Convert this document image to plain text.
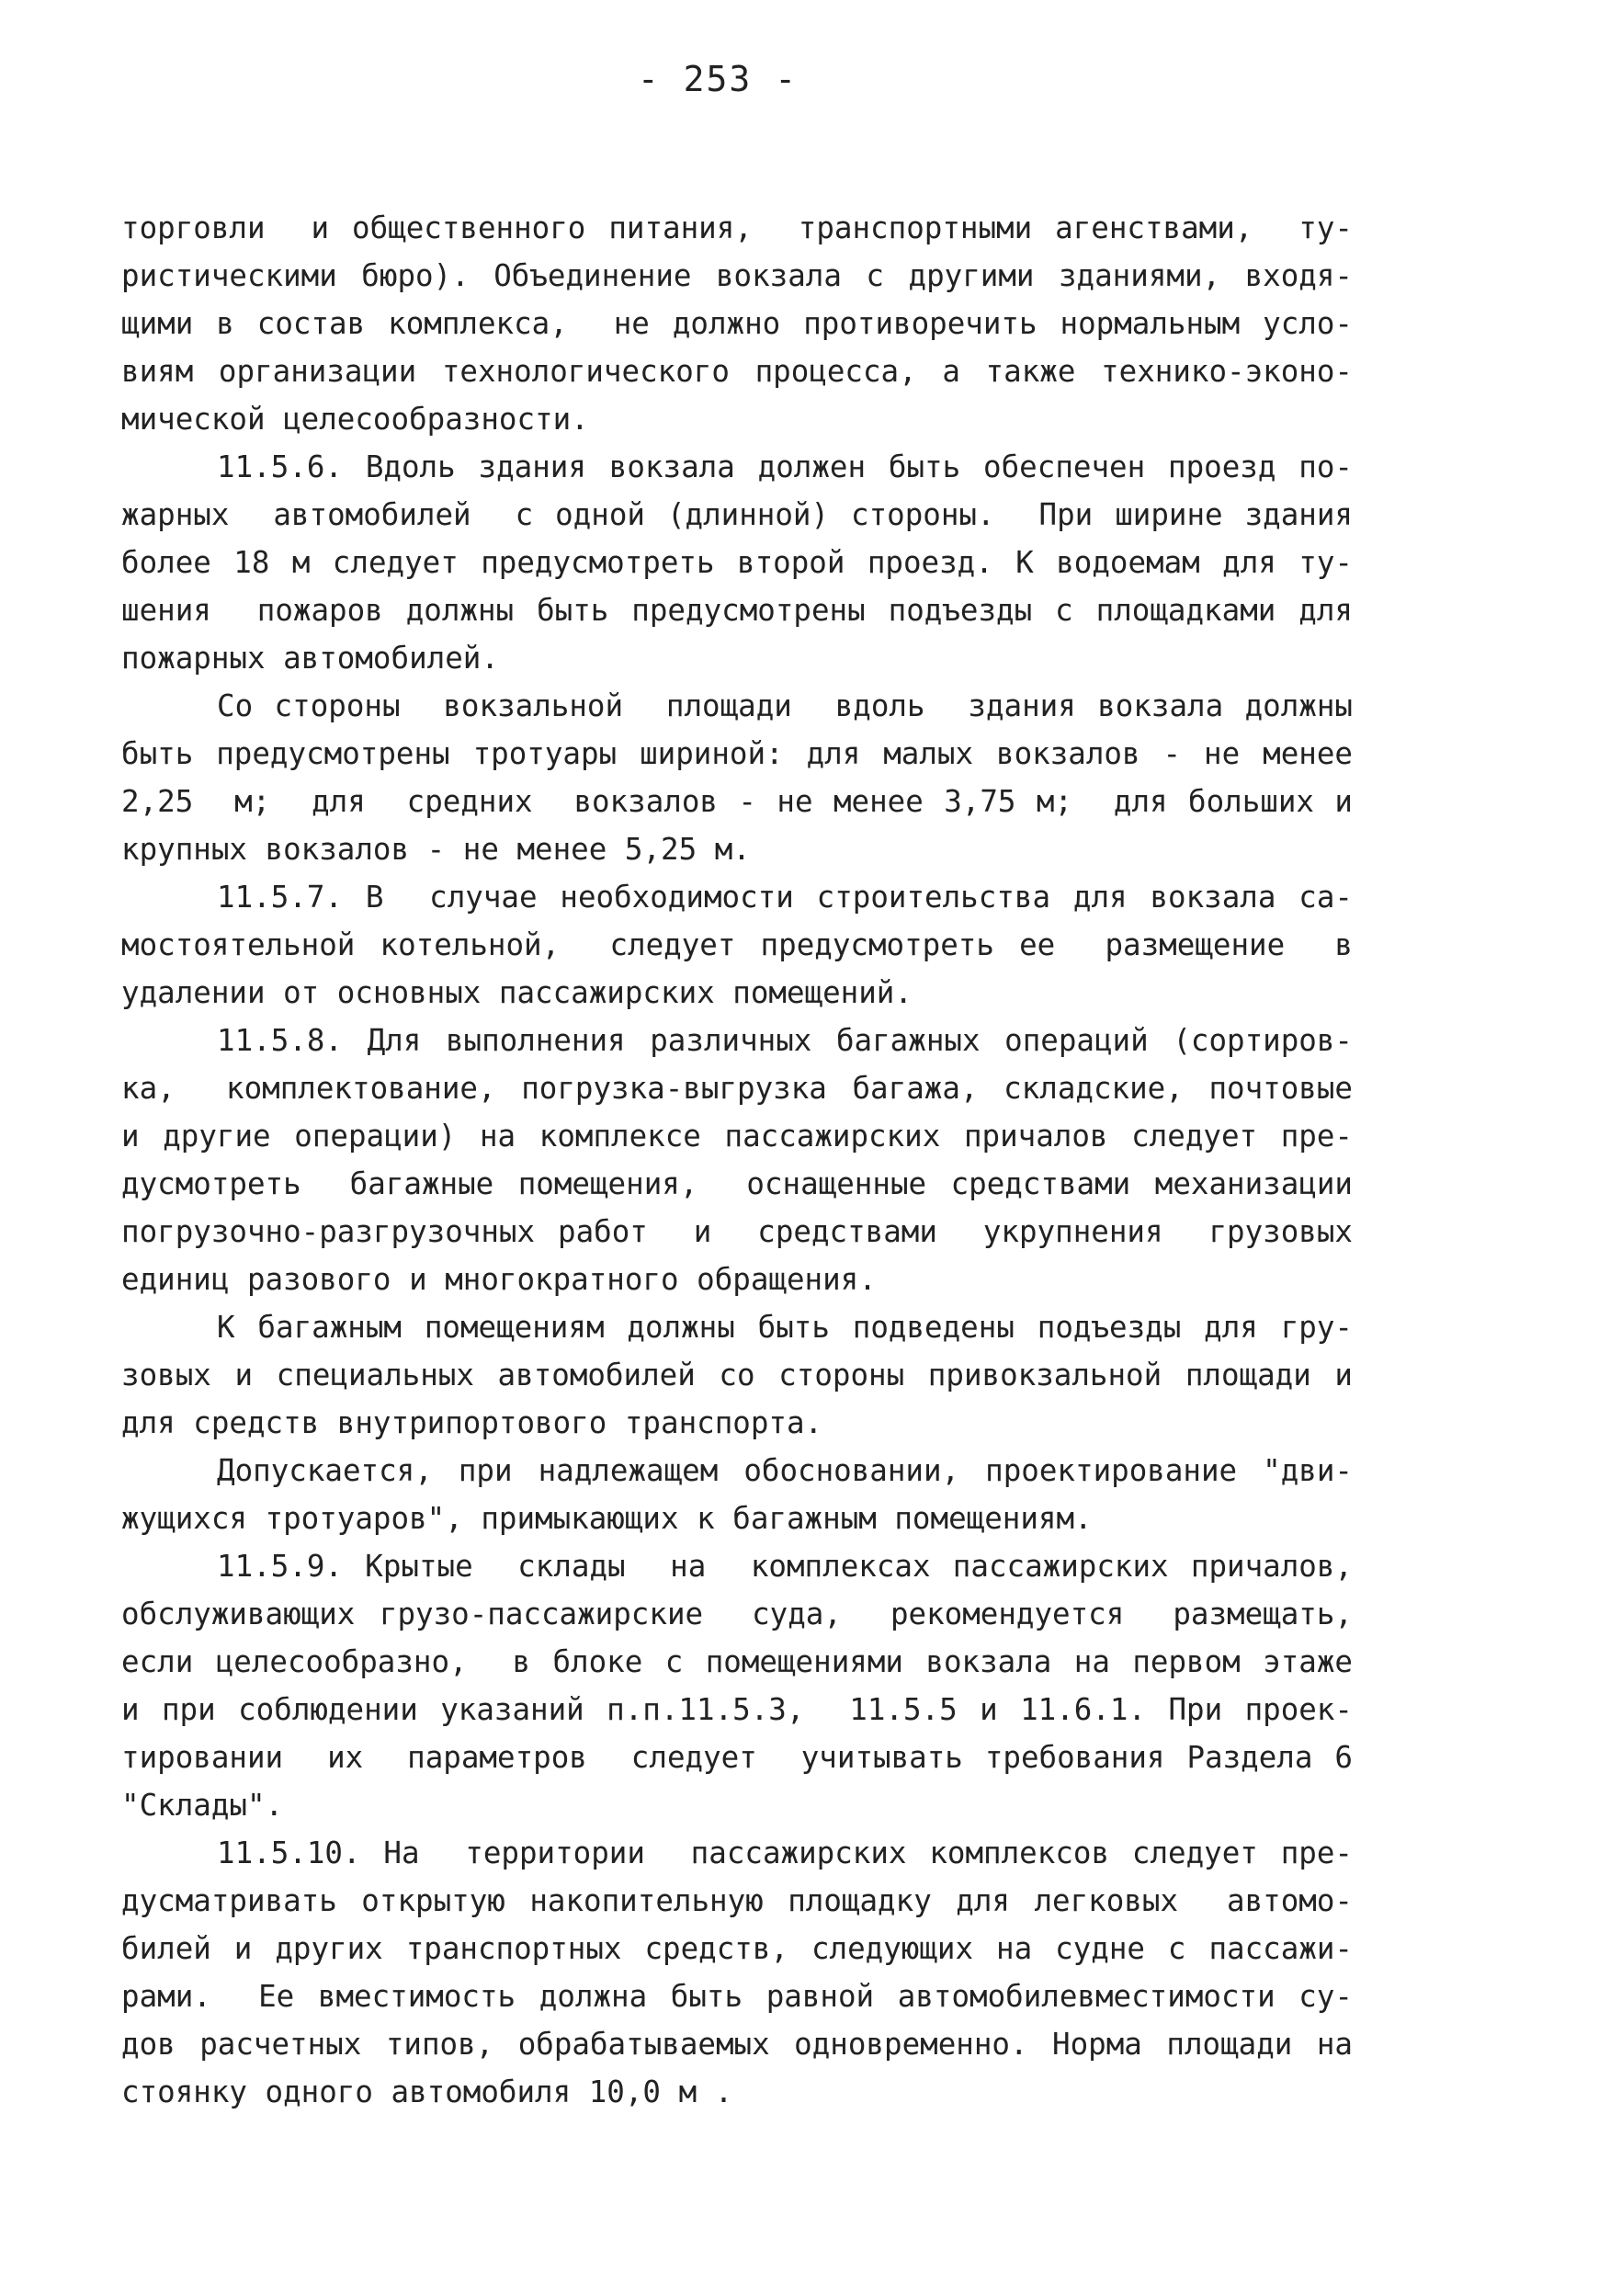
- 253 -
торговли  и общественного питания,  транспортными агенствами,  ту-
ристическими бюро). Объединение вокзала с другими зданиями, входя-
щими в состав комплекса,  не должно противоречить нормальным усло-
виям организации технологического процесса, а также технико-эконо-
мической целесообразности.
11.5.6. Вдоль здания вокзала должен быть обеспечен проезд по-
жарных  автомобилей  с одной (длинной) стороны.  При ширине здания
более 18 м следует предусмотреть второй проезд. К водоемам для ту-
шения  пожаров должны быть предусмотрены подъезды с площадками для
пожарных автомобилей.
Со стороны  вокзальной  площади  вдоль  здания вокзала должны
быть предусмотрены тротуары шириной: для малых вокзалов - не менее
2,25  м;  для  средних  вокзалов - не менее 3,75 м;  для больших и
крупных вокзалов - не менее 5,25 м.
11.5.7. В  случае необходимости строительства для вокзала са-
мостоятельной котельной,  следует предусмотреть ее  размещение  в
удалении от основных пассажирских помещений.
11.5.8. Для выполнения различных багажных операций (сортиров-
ка,  комплектование, погрузка-выгрузка багажа, складские, почтовые
и другие операции) на комплексе пассажирских причалов следует пре-
дусмотреть  багажные помещения,  оснащенные средствами механизации
погрузочно-разгрузочных работ  и  средствами  укрупнения  грузовых
единиц разового и многократного обращения.
К багажным помещениям должны быть подведены подъезды для гру-
зовых и специальных автомобилей со стороны привокзальной площади и
для средств внутрипортового транспорта.
Допускается, при надлежащем обосновании, проектирование "дви-
жущихся тротуаров", примыкающих к багажным помещениям.
11.5.9. Крытые  склады  на  комплексах пассажирских причалов,
обслуживающих грузо-пассажирские  суда,  рекомендуется  размещать,
если целесообразно,  в блоке с помещениями вокзала на первом этаже
и при соблюдении указаний п.п.11.5.3,  11.5.5 и 11.6.1. При проек-
тировании  их  параметров  следует  учитывать требования Раздела 6
"Склады".
11.5.10. На  территории  пассажирских комплексов следует пре-
дусматривать открытую накопительную площадку для легковых  автомо-
билей и других транспортных средств, следующих на судне с пассажи-
рами.  Ее вместимость должна быть равной автомобилевместимости су-
дов расчетных типов, обрабатываемых одновременно. Норма площади на
стоянку одного автомобиля 10,0 м .
